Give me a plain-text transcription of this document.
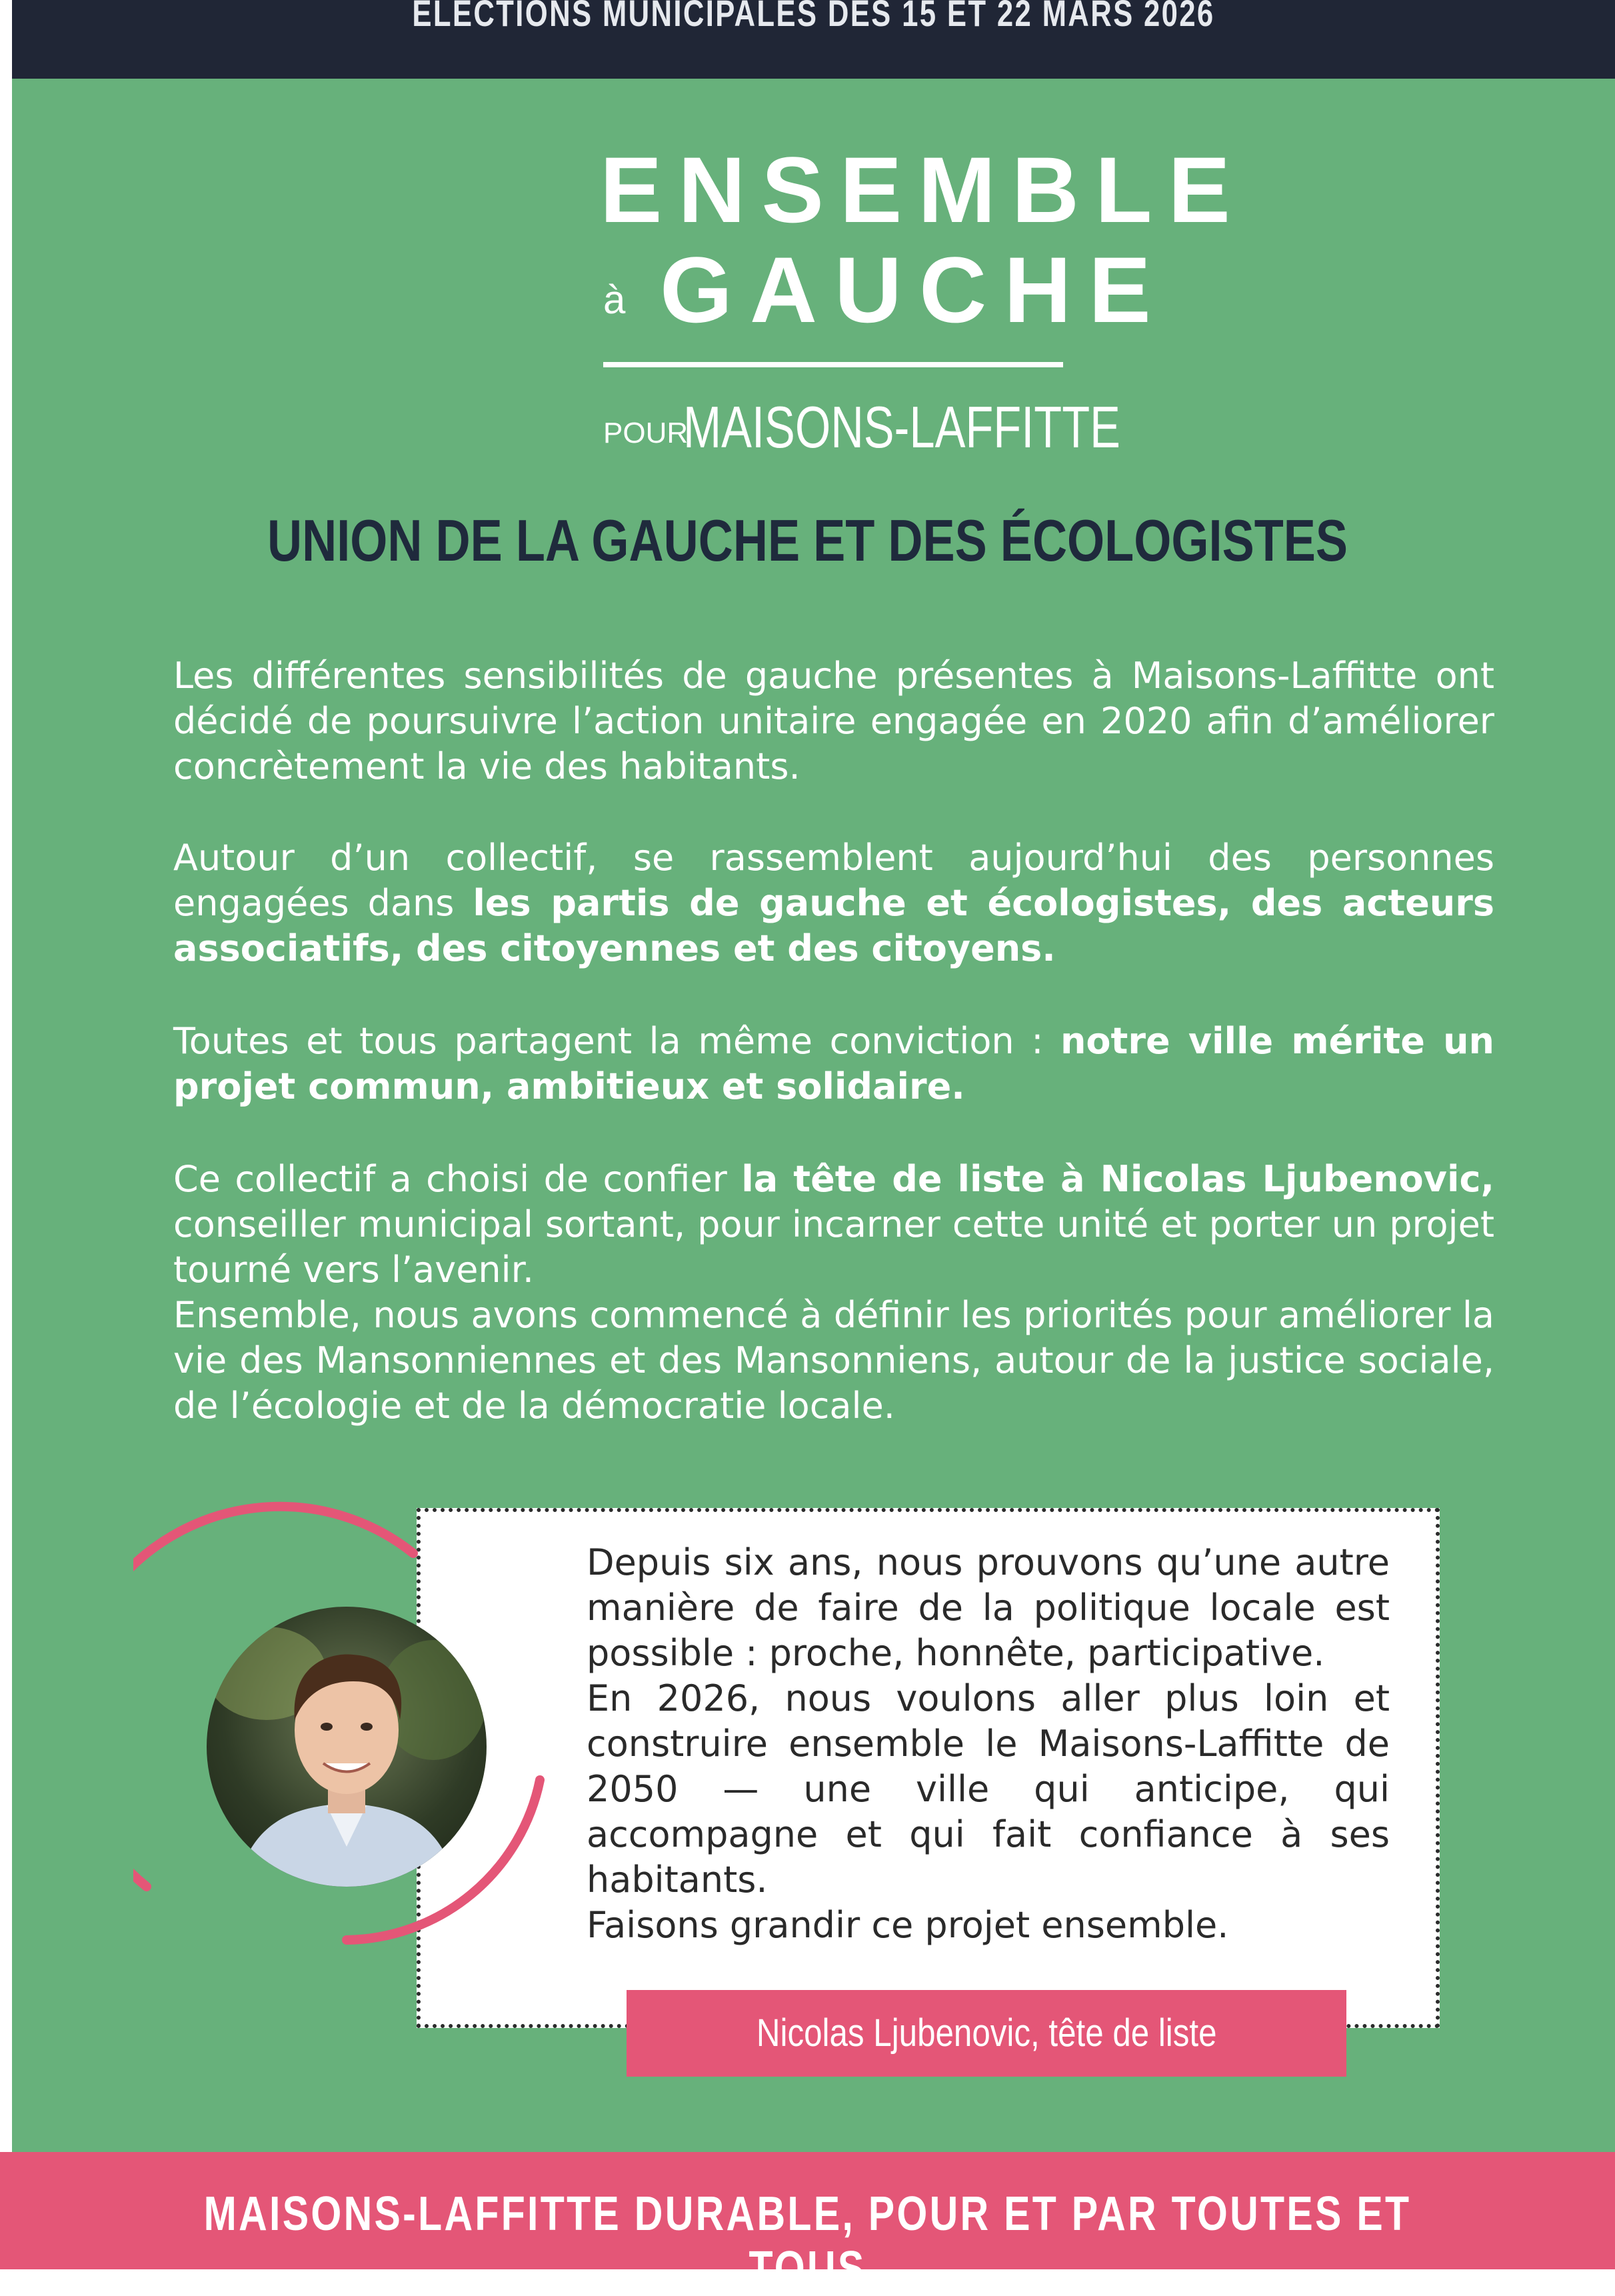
ELECTIONS MUNICIPALES DES 15 ET 22 MARS 2026
ENSEMBLE
à GAUCHE
POUR
MAISONS-LAFFITTE
UNION DE LA GAUCHE ET DES ÉCOLOGISTES

Les différentes sensibilités de gauche présentes à Maisons-Laffitte ont décidé de poursuivre l’action unitaire engagée en 2020 afin d’améliorer concrètement la vie des habitants.

Autour d’un collectif, se rassemblent aujourd’hui des personnes engagées dans les partis de gauche et écologistes, des acteurs associatifs, des citoyennes et des citoyens.

Toutes et tous partagent la même conviction : notre ville mérite un projet commun, ambitieux et solidaire.

Ce collectif a choisi de confier la tête de liste à Nicolas Ljubenovic, conseiller municipal sortant, pour incarner cette unité et porter un projet tourné vers l’avenir.

Ensemble, nous avons commencé à définir les priorités pour améliorer la vie des Mansonniennes et des Mansonniens, autour de la justice sociale, de l’écologie et de la démocratie locale.

Depuis six ans, nous prouvons qu’une autre manière de faire de la politique locale est possible : proche, honnête, participative.

En 2026, nous voulons aller plus loin et construire ensemble le Maisons-Laffitte de 2050 — une ville qui anticipe, qui accompagne et qui fait confiance à ses habitants.

Faisons grandir ce projet ensemble.

Nicolas Ljubenovic, tête de liste
MAISONS-LAFFITTE DURABLE, POUR ET PAR TOUTES ET TOUS
